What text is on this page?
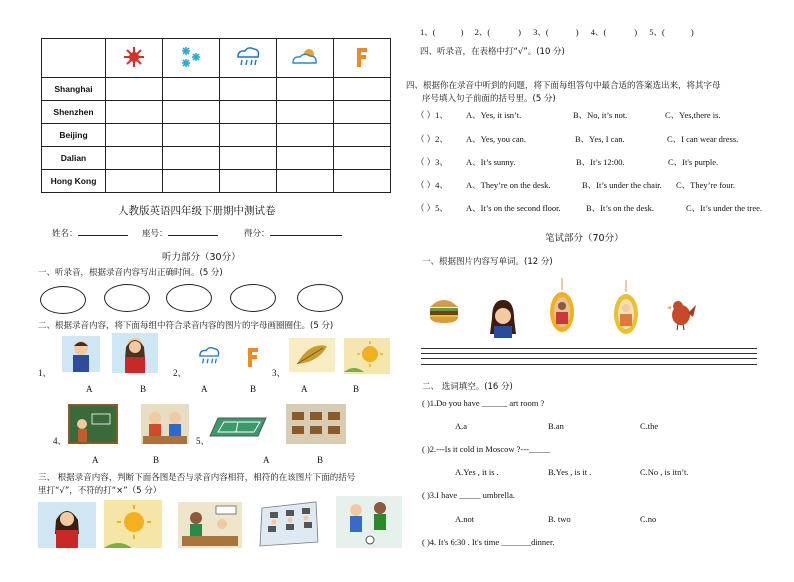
Shanghai					
Shenzhen					
Beijing					
Dalian					
Hong Kong					
人教版英语四年级下册期中测试卷
姓名：	座号：	得分：
听力部分（30分）
一、听录音，根据录音内容写出正确时间。(5 分)
二、根据录音内容，将下面每组中符合录音内容的图片的字母画圈圈住。(5 分)
1、
A	B
2、
A	B
3、
A	B
4、
A	B
5、
A	B
三、 根据录音内容，判断下面各图是否与录音内容相符，相符的在该图片下面的括号
里打“√”，不符的打“×”（5 分）
1、(	) 2、(	) 3、(	) 4、(	) 5、(	)
四、听录音，在表格中打“√”。(10 分)
四、根据你在录音中听到的问题，将下面每组答句中最合适的答案选出来，将其字母
序号填入句子前面的括号里。(5 分)
（ ）1、 A、Yes, it isn’t.	B、No, it’s not.	C、Yes,there is.
（ ）2、 A、Yes, you can.	B、Yes, I can.	C、I can wear dress.
（ ）3、 A、It’s sunny.	B、It’s 12:00.	C、It's purple.
（ ）4、 A、They’re on the desk.	B、It’s under the chair. C、They’re four.
（ ）5、 A、It’s on the second floor.	B、It’s on the desk.	C、It’s under the tree.
笔试部分（70分）
一、根据图片内容写单词。(12 分)
二、 选词填空。(16 分)
( )1.Do you have ______ art room ?
A.a	B.an	C.the
( )2.---Is it cold in Moscow ?---_____
A.Yes , it is .	B.Yes , is it .	C.No , is itn’t.
( )3.I have _____ umbrella.
A.not	B. two	C.no
( )4. It's 6:30 . It's time _______dinner.
